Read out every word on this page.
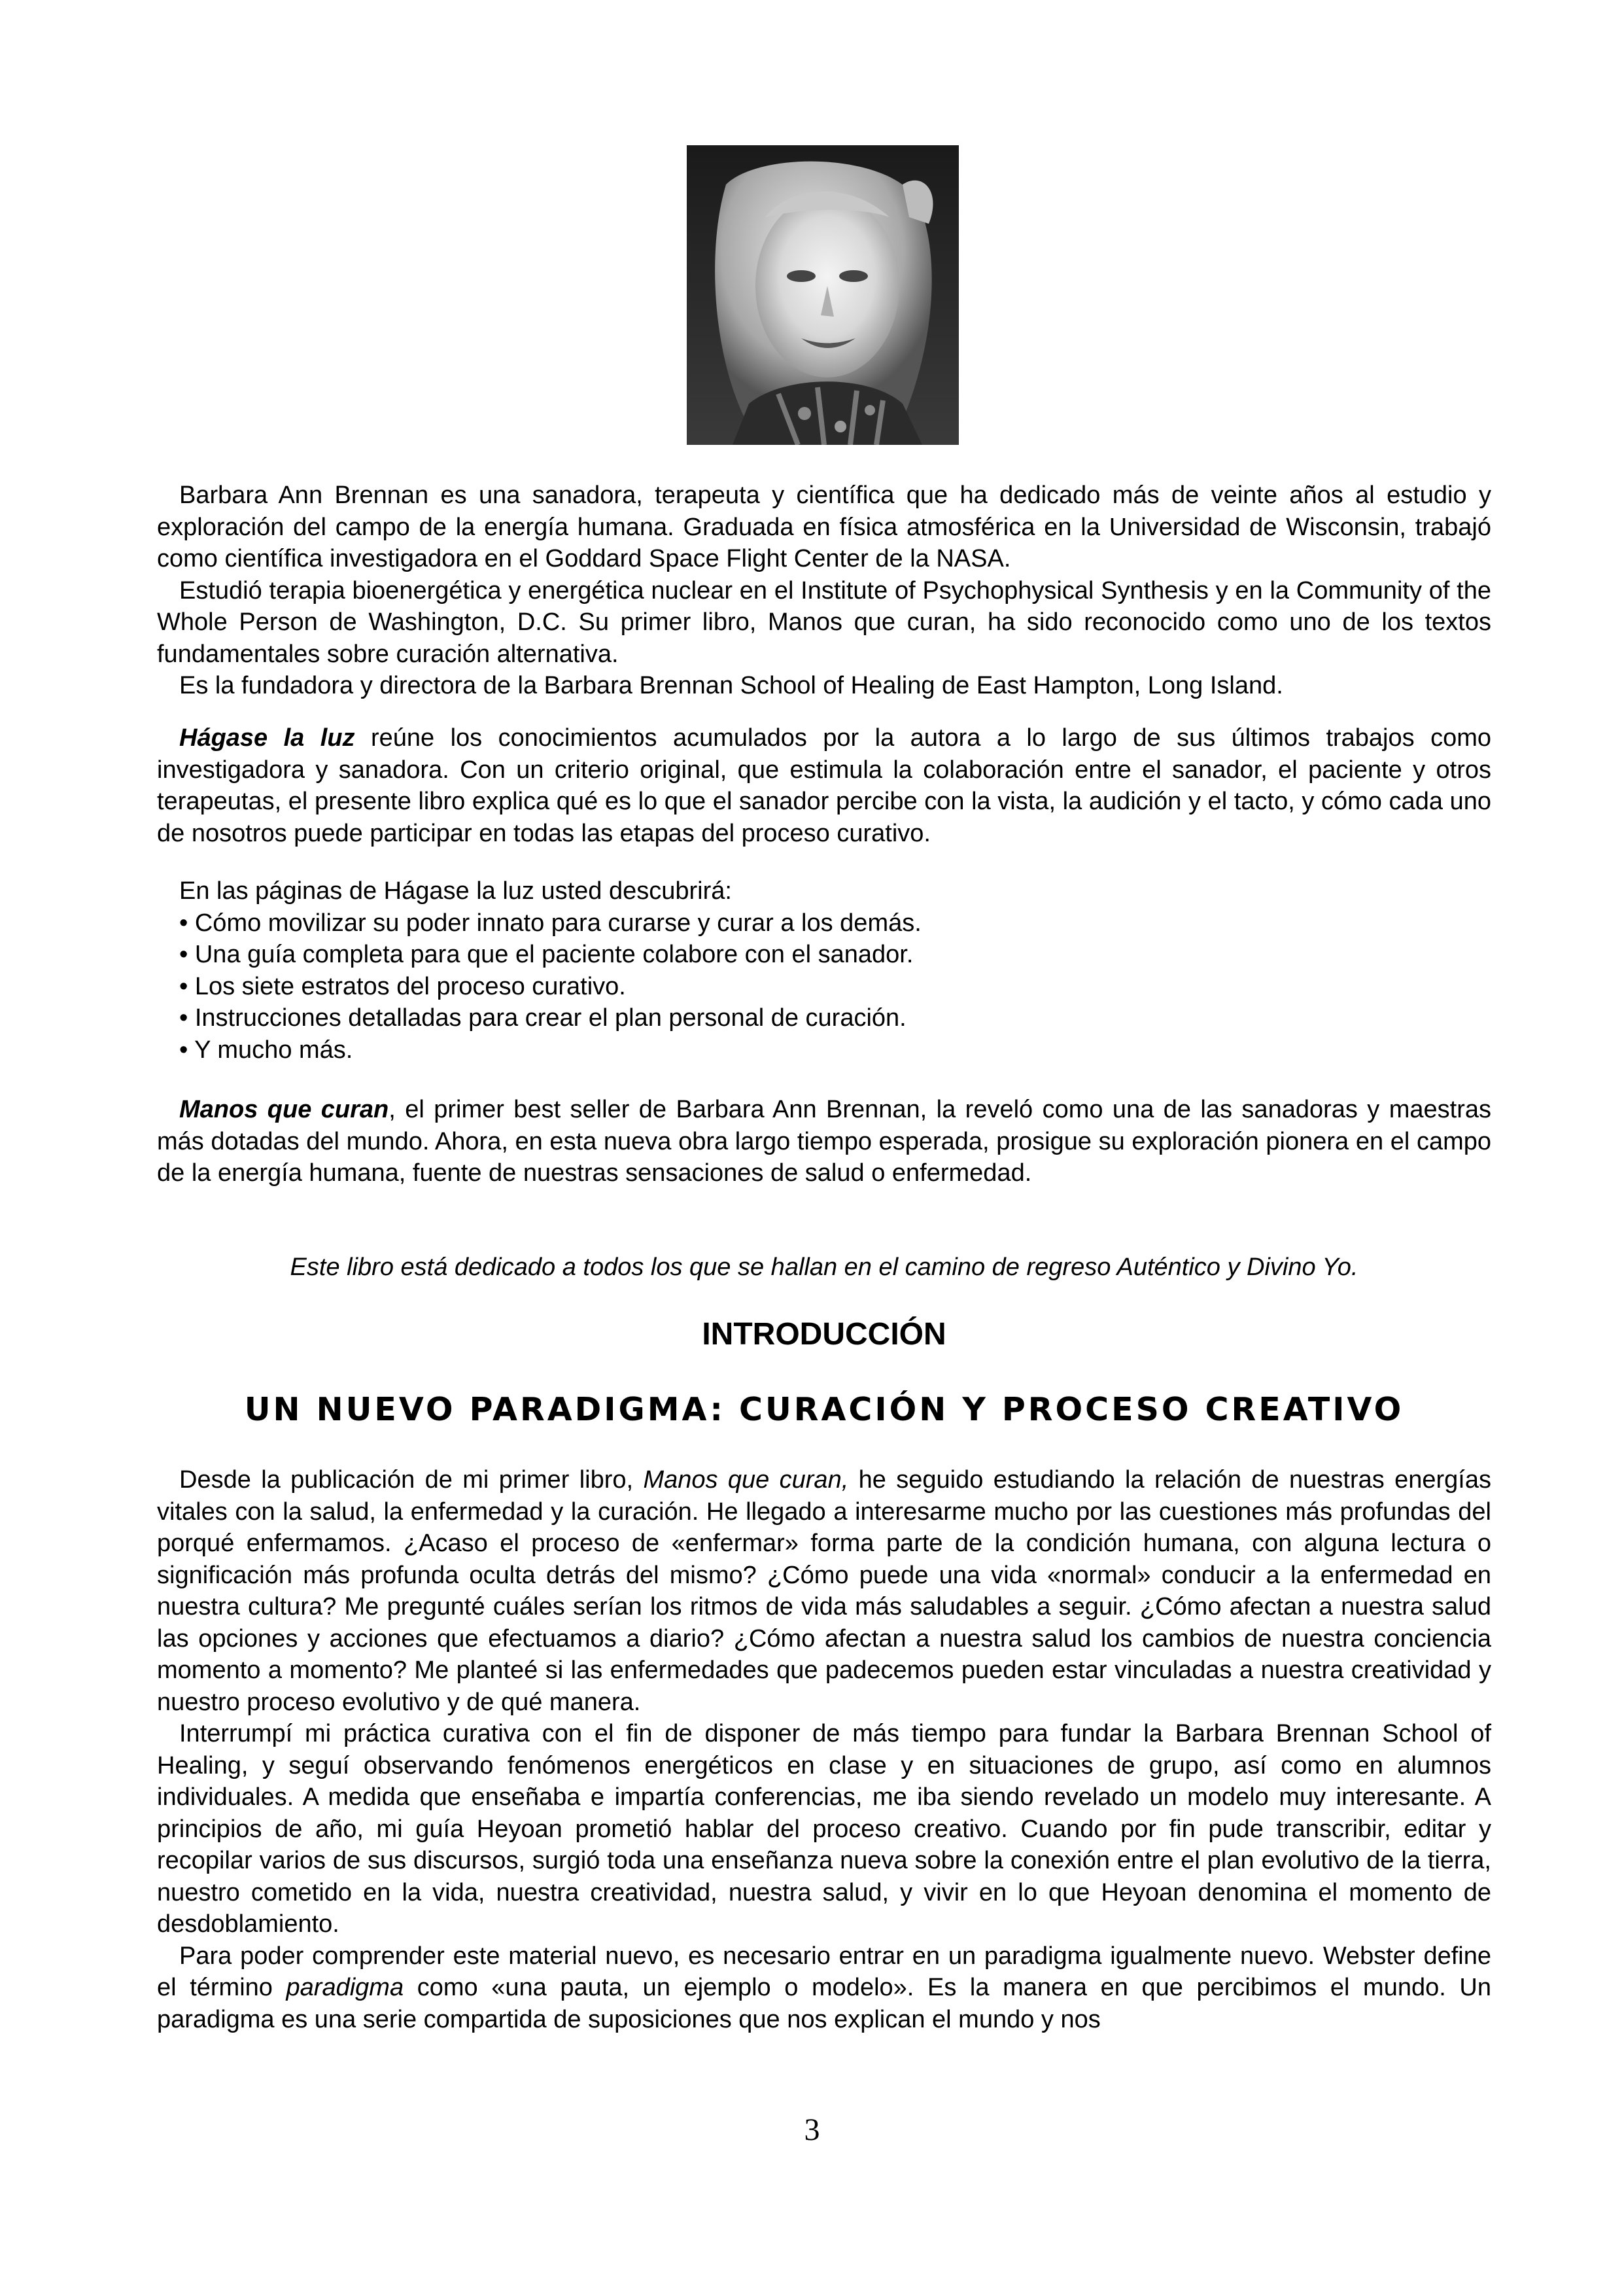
Barbara Ann Brennan es una sanadora, terapeuta y científica que ha dedicado más de veinte años al estudio y exploración del campo de la energía humana. Graduada en física atmosférica en la Universidad de Wisconsin, trabajó como científica investigadora en el Goddard Space Flight Center de la NASA.

Estudió terapia bioenergética y energética nuclear en el Institute of Psychophysical Synthesis y en la Community of the Whole Person de Washington, D.C. Su primer libro, Manos que curan, ha sido reconocido como uno de los textos fundamentales sobre curación alternativa.

Es la fundadora y directora de la Barbara Brennan School of Healing de East Hampton, Long Island.

Hágase la luz reúne los conocimientos acumulados por la autora a lo largo de sus últimos trabajos como investigadora y sanadora. Con un criterio original, que estimula la colaboración entre el sanador, el paciente y otros terapeutas, el presente libro explica qué es lo que el sanador percibe con la vista, la audición y el tacto, y cómo cada uno de nosotros puede participar en todas las etapas del proceso curativo.

En las páginas de Hágase la luz usted descubrirá:

• Cómo movilizar su poder innato para curarse y curar a los demás.

• Una guía completa para que el paciente colabore con el sanador.

• Los siete estratos del proceso curativo.

• Instrucciones detalladas para crear el plan personal de curación.

• Y mucho más.

Manos que curan, el primer best seller de Barbara Ann Brennan, la reveló como una de las sanadoras y maestras más dotadas del mundo. Ahora, en esta nueva obra largo tiempo esperada, prosigue su exploración pionera en el campo de la energía humana, fuente de nuestras sensaciones de salud o enfermedad.

Este libro está dedicado a todos los que se hallan en el camino de regreso Auténtico y Divino Yo.
INTRODUCCIÓN
UN NUEVO PARADIGMA: CURACIÓN Y PROCESO CREATIVO

Desde la publicación de mi primer libro, Manos que curan, he seguido estudiando la relación de nuestras energías vitales con la salud, la enfermedad y la curación. He llegado a interesarme mucho por las cuestiones más profundas del porqué enfermamos. ¿Acaso el proceso de «enfermar» forma parte de la condición humana, con alguna lectura o significación más profunda oculta detrás del mismo? ¿Cómo puede una vida «normal» conducir a la enfermedad en nuestra cultura? Me pregunté cuáles serían los ritmos de vida más saludables a seguir. ¿Cómo afectan a nuestra salud las opciones y acciones que efectuamos a diario? ¿Cómo afectan a nuestra salud los cambios de nuestra conciencia momento a momento? Me planteé si las enfermedades que padecemos pueden estar vinculadas a nuestra creatividad y nuestro proceso evolutivo y de qué manera.

Interrumpí mi práctica curativa con el fin de disponer de más tiempo para fundar la Barbara Brennan School of Healing, y seguí observando fenómenos energéticos en clase y en situaciones de grupo, así como en alumnos individuales. A medida que enseñaba e impartía conferencias, me iba siendo revelado un modelo muy interesante. A principios de año, mi guía Heyoan prometió hablar del proceso creativo. Cuando por fin pude transcribir, editar y recopilar varios de sus discursos, surgió toda una enseñanza nueva sobre la conexión entre el plan evolutivo de la tierra, nuestro cometido en la vida, nuestra creatividad, nuestra salud, y vivir en lo que Heyoan denomina el momento de desdoblamiento.

Para poder comprender este material nuevo, es necesario entrar en un paradigma igualmente nuevo. Webster define el término paradigma como «una pauta, un ejemplo o modelo». Es la manera en que percibimos el mundo. Un paradigma es una serie compartida de suposiciones que nos explican el mundo y nos

3
